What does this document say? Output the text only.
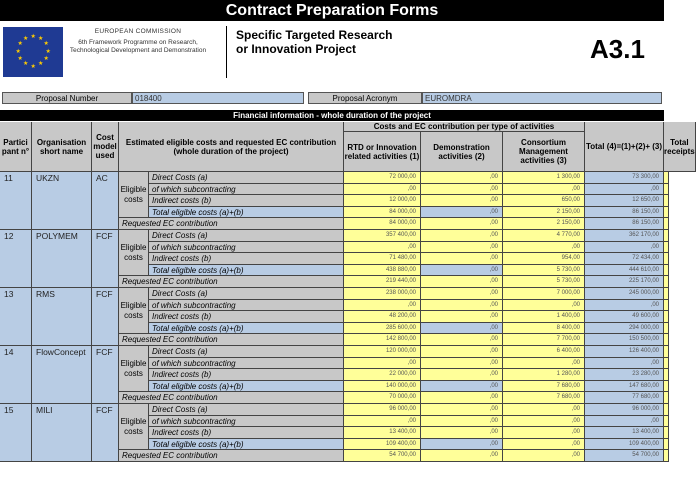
Contract Preparation Forms
★
★
★
★
★
★
★
★
★ ★ ★
★
EUROPEAN COMMISSION
6th Framework Programme on Research, Technological Development and Demonstration
Specific Targeted Research or Innovation Project	A3.1
Proposal Number	018400	Proposal Acronym	EUROMDRA
Financial information - whole duration of the project
Partici pant n°
Organisation short name
Cost model used
Estimated eligible costs and requested EC contribution (whole duration of the project)
Costs and EC contribution per type of activities
RTD or Innovation related activities (1)
Demonstration activities (2)
Consortium Management activities (3)
Total (4)=(1)+(2)+ (3)	Total receipts
11	UKZN	AC
Eligible costs
Direct Costs (a)	72 000,00	,00	1 300,00	73 300,00
of which subcontracting	,00	,00	,00	,00
Indirect costs (b)	12 000,00	,00	650,00	12 650,00
Total eligible costs (a)+(b)	84 000,00	,00	2 150,00	86 150,00
Requested EC contribution	84 000,00	,00	2 150,00	86 150,00
12	POLYMEM	FCF
Eligible costs
Direct Costs (a)	357 400,00	,00	4 770,00	362 170,00
of which subcontracting	,00	,00	,00	,00
Indirect costs (b)	71 480,00	,00	954,00	72 434,00
Total eligible costs (a)+(b)	438 880,00	,00	5 730,00	444 610,00
Requested EC contribution	219 440,00	,00	5 730,00	225 170,00
13	RMS	FCF
Eligible costs
Direct Costs (a)	238 000,00	,00	7 000,00	245 000,00
of which subcontracting	,00	,00	,00	,00
Indirect costs (b)	48 200,00	,00	1 400,00	49 600,00
Total eligible costs (a)+(b)	285 600,00	,00	8 400,00	294 000,00
Requested EC contribution	142 800,00	,00	7 700,00	150 500,00
14	FlowConcept	FCF
Eligible costs
Direct Costs (a)	120 000,00	,00	6 400,00	126 400,00
of which subcontracting	,00	,00	,00	,00
Indirect costs (b)	22 000,00	,00	1 280,00	23 280,00
Total eligible costs (a)+(b)	140 000,00	,00	7 680,00	147 680,00
Requested EC contribution	70 000,00	,00	7 680,00	77 680,00
15	MILI	FCF
Eligible costs
Direct Costs (a)	96 000,00	,00	,00	96 000,00
of which subcontracting	,00	,00	,00	,00
Indirect costs (b)	13 400,00	,00	,00	13 400,00
Total eligible costs (a)+(b)	109 400,00	,00	,00	109 400,00
Requested EC contribution	54 700,00	,00	,00	54 700,00
